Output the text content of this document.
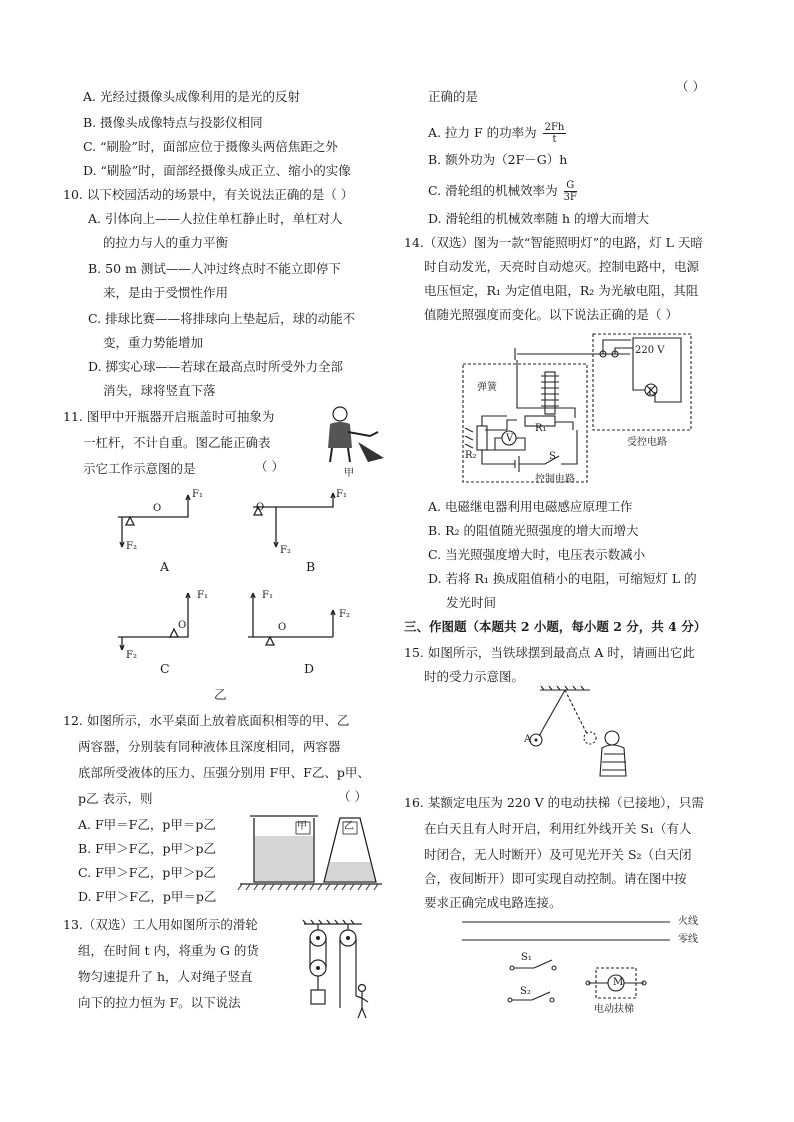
A. 光经过摄像头成像利用的是光的反射
B. 摄像头成像特点与投影仪相同
C. “刷脸”时，面部应位于摄像头两倍焦距之外
D. “刷脸”时，面部经摄像头成正立、缩小的实像
10. 以下校园活动的场景中，有关说法正确的是（ ）
A. 引体向上——人拉住单杠静止时，单杠对人
的拉力与人的重力平衡
B. 50 m 测试——人冲过终点时不能立即停下
来，是由于受惯性作用
C. 排球比赛——将排球向上垫起后，球的动能不
变，重力势能增加
D. 掷实心球——若球在最高点时所受外力全部
消失，球将竖直下落
11. 图甲中开瓶器开启瓶盖时可抽象为
一杠杆，不计自重。图乙能正确表
示它工作示意图的是	（ ）	甲
O
F₁
F₂
O
F₁
F₂
O
F₁
F₂
O
F₁
F₂
A	B
C	D
乙
12. 如图所示，水平桌面上放着底面积相等的甲、乙
两容器，分别装有同种液体且深度相同，两容器
底部所受液体的压力、压强分别用 F甲、F乙、p甲、
p乙 表示，则	（ ）
A. F甲＝F乙，p甲＝p乙
B. F甲＞F乙，p甲＞p乙
C. F甲＞F乙，p甲＞p乙
D. F甲＞F乙，p甲＝p乙
甲	乙
13.（双选）工人用如图所示的滑轮
组，在时间 t 内，将重为 G 的货
物匀速提升了 h，人对绳子竖直
向下的拉力恒为 F。以下说法
正确的是
（ ）
A. 拉力 F 的功率为 $\frac{2Fh}{t}$
B. 额外功为（2F－G）h
C. 滑轮组的机械效率为 $\frac{G}{3F}$
D. 滑轮组的机械效率随 h 的增大而增大
14.（双选）图为一款“智能照明灯”的电路，灯 L 天暗
时自动发光，天亮时自动熄灭。控制电路中，电源
电压恒定，R₁ 为定值电阻，R₂ 为光敏电阻，其阻
值随光照强度而变化。以下说法正确的是（ ）
220 V
弹簧	L
受控电路
控制电路
R₁
R₂	S
V
A. 电磁继电器利用电磁感应原理工作
B. R₂ 的阻值随光照强度的增大而增大
C. 当光照强度增大时，电压表示数减小
D. 若将 R₁ 换成阻值稍小的电阻，可缩短灯 L 的
发光时间
三、作图题（本题共 2 小题，每小题 2 分，共 4 分）
15. 如图所示，当铁球摆到最高点 A 时，请画出它此
时的受力示意图。
A
16. 某额定电压为 220 V 的电动扶梯（已接地），只需
在白天且有人时开启，利用红外线开关 S₁（有人
时闭合，无人时断开）及可见光开关 S₂（白天闭
合，夜间断开）即可实现自动控制。请在图中按
要求正确完成电路连接。
火线
零线
S₁
S₂
M
电动扶梯
